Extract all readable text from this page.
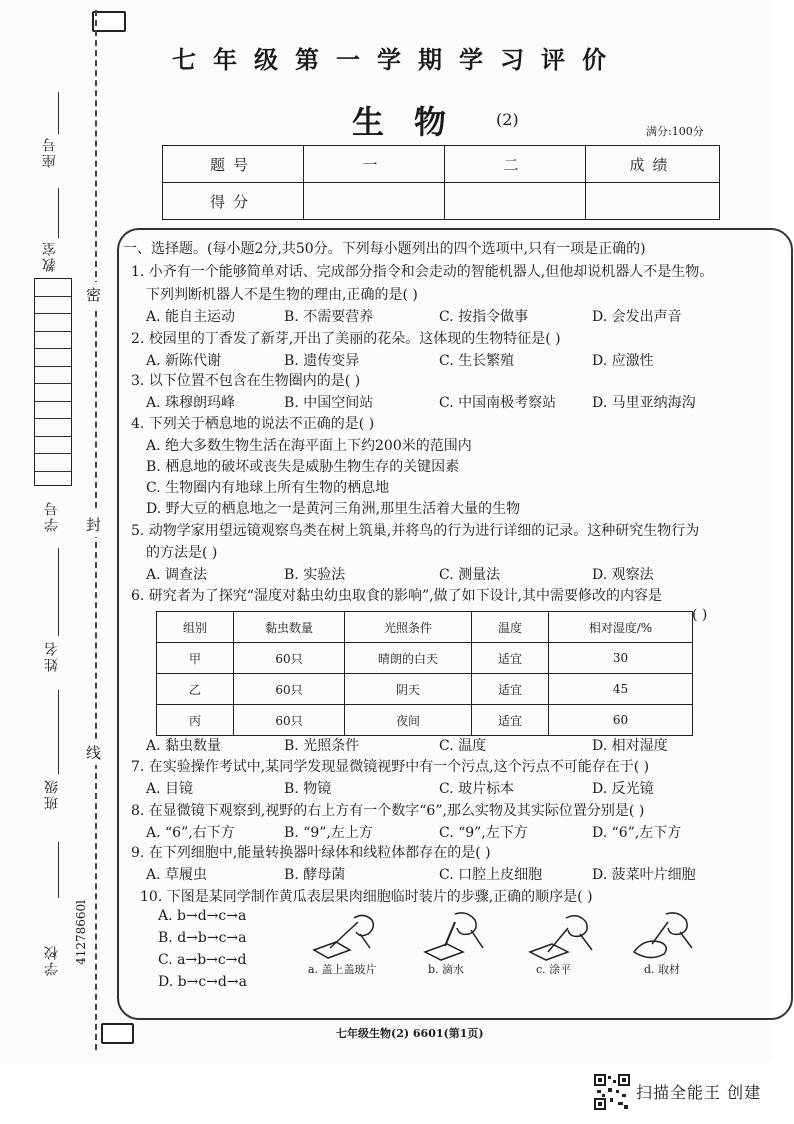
密
封
线
座号
教室
学号
姓名
班级
学校 41278660l
七年级第一学期学习评价
生物 (2)
满分:100分
题号	一	二	成绩
得分			
一、选择题。(每小题2分,共50分。下列每小题列出的四个选项中,只有一项是正确的)
1. 小齐有一个能够简单对话、完成部分指令和会走动的智能机器人,但他却说机器人不是生物。
下列判断机器人不是生物的理由,正确的是( )
A. 能自主运动	B. 不需要营养	C. 按指令做事	D. 会发出声音
2. 校园里的丁香发了新芽,开出了美丽的花朵。这体现的生物特征是( )
A. 新陈代谢	B. 遗传变异	C. 生长繁殖	D. 应激性
3. 以下位置不包含在生物圈内的是( )
A. 珠穆朗玛峰	B. 中国空间站	C. 中国南极考察站	D. 马里亚纳海沟
4. 下列关于栖息地的说法不正确的是( )
A. 绝大多数生物生活在海平面上下约200米的范围内
B. 栖息地的破坏或丧失是威胁生物生存的关键因素
C. 生物圈内有地球上所有生物的栖息地
D. 野大豆的栖息地之一是黄河三角洲,那里生活着大量的生物
5. 动物学家用望远镜观察鸟类在树上筑巢,并将鸟的行为进行详细的记录。这种研究生物行为
的方法是( )
A. 调查法	B. 实验法	C. 测量法	D. 观察法
6. 研究者为了探究“湿度对黏虫幼虫取食的影响”,做了如下设计,其中需要修改的内容是
( )
组别	黏虫数量	光照条件	温度	相对湿度/%
甲	60只	晴朗的白天	适宜	30
乙	60只	阴天	适宜	45
丙	60只	夜间	适宜	60
A. 黏虫数量	B. 光照条件	C. 温度	D. 相对湿度
7. 在实验操作考试中,某同学发现显微镜视野中有一个污点,这个污点不可能存在于( )
A. 目镜	B. 物镜	C. 玻片标本	D. 反光镜
8. 在显微镜下观察到,视野的右上方有一个数字“6”,那么实物及其实际位置分别是( )
A. “6”,右下方	B. “9”,左上方	C. “9”,左下方	D. “6”,左下方
9. 在下列细胞中,能量转换器叶绿体和线粒体都存在的是( )
A. 草履虫	B. 酵母菌	C. 口腔上皮细胞	D. 菠菜叶片细胞
10. 下图是某同学制作黄瓜表层果肉细胞临时装片的步骤,正确的顺序是( )
A. b→d→c→a
B. d→b→c→a
C. a→b→c→d
D. b→c→d→a
a. 盖上盖玻片	b. 滴水	c. 涂平	d. 取材
七年级生物(2) 6601(第1页)
扫描全能王 创建
